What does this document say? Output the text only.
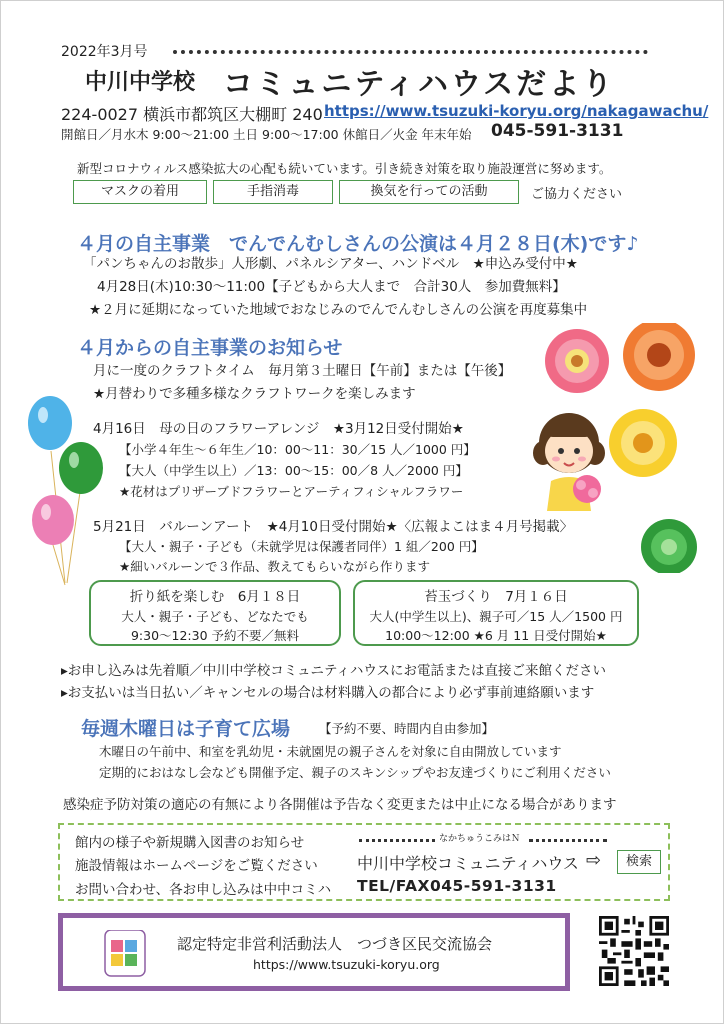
2022年3月号
中川中学校 コミュニティハウスだより
224-0027 横浜市都筑区大棚町 240 https://www.tsuzuki-koryu.org/nakagawachu/
開館日／月水木 9:00～21:00 土日 9:00～17:00 休館日／火金 年末年始 045-591-3131
新型コロナウィルス感染拡大の心配も続いています。引き続き対策を取り施設運営に努めます。
マスクの着用	手指消毒	換気を行っての活動	ご協力ください
４月の自主事業　でんでんむしさんの公演は４月２８日(木)です♪
「パンちゃんのお散歩」人形劇、パネルシアター、ハンドベル　★申込み受付中★
4月28日(木)10:30～11:00【子どもから大人まで　合計30人　参加費無料】
★２月に延期になっていた地域でおなじみのでんでんむしさんの公演を再度募集中
４月からの自主事業のお知らせ
月に一度のクラフトタイム　毎月第３土曜日【午前】または【午後】
★月替わりで多種多様なクラフトワークを楽しみます
4月16日　母の日のフラワーアレンジ　★3月12日受付開始★
【小学４年生～６年生／10：00～11：30／15 人／1000 円】
【大人（中学生以上）／13：00～15：00／8 人／2000 円】
★花材はプリザーブドフラワーとアーティフィシャルフラワー
5月21日　バルーンアート　★4月10日受付開始★〈広報よこはま４月号掲載〉
【大人・親子・子ども（未就学児は保護者同伴）1 組／200 円】
★細いバルーンで３作品、教えてもらいながら作ります
折り紙を楽しむ　6月１８日
大人・親子・子ども、どなたでも
9:30～12:30 予約不要／無料
苔玉づくり　7月１６日
大人(中学生以上)、親子可／15 人／1500 円
10:00～12:00 ★6 月 11 日受付開始★
▸お申し込みは先着順／中川中学校コミュニティハウスにお電話または直接ご来館ください
▸お支払いは当日払い／キャンセルの場合は材料購入の都合により必ず事前連絡願います
毎週木曜日は子育て広場 【予約不要、時間内自由参加】
木曜日の午前中、和室を乳幼児・未就園児の親子さんを対象に自由開放しています
定期的におはなし会なども開催予定、親子のスキンシップやお友達づくりにご利用ください
感染症予防対策の適応の有無により各開催は予告なく変更または中止になる場合があります
館内の様子や新規購入図書のお知らせ
施設情報はホームページをご覧ください
お問い合わせ、各お申し込みは中中コミハ
なかちゅうこみはＮ
中川中学校コミュニティハウス ⇨	検索
TEL/FAX045-591-3131
認定特定非営利活動法人　つづき区民交流協会
https://www.tsuzuki-koryu.org
